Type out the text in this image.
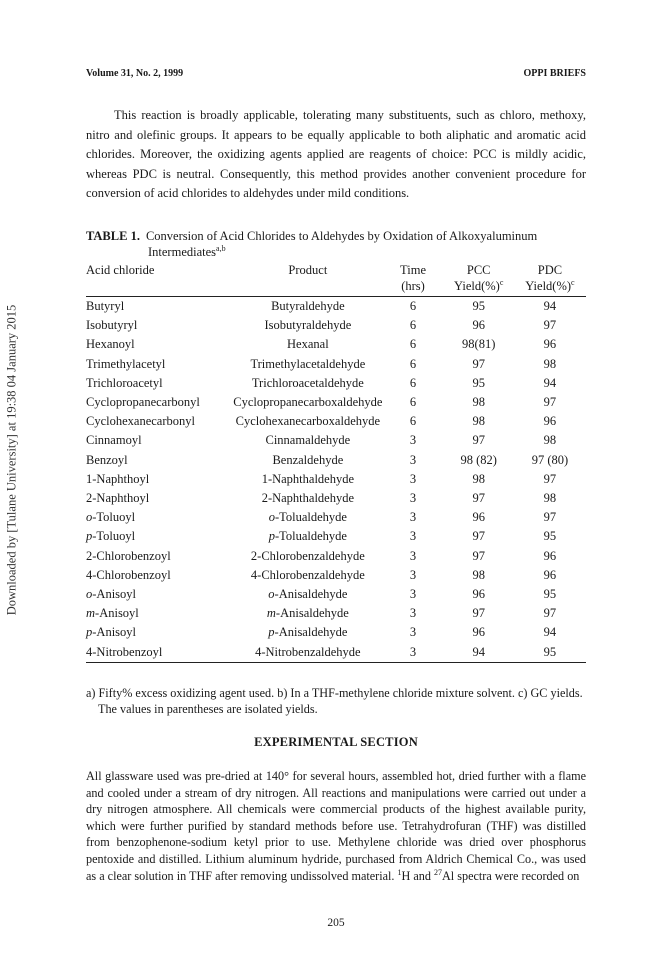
Downloaded by [Tulane University] at 19:38 04 January 2015
Volume 31, No. 2, 1999	OPPI BRIEFS

This reaction is broadly applicable, tolerating many substituents, such as chloro, methoxy, nitro and olefinic groups. It appears to be equally applicable to both aliphatic and aromatic acid chlorides. Moreover, the oxidizing agents applied are reagents of choice: PCC is mildly acidic, whereas PDC is neutral. Consequently, this method provides another convenient procedure for conversion of acid chlorides to aldehydes under mild conditions.

TABLE 1. Conversion of Acid Chlorides to Aldehydes by Oxidation of Alkoxyaluminum
Intermediates$^{a,b}$
Acid chloride	Product	Time	PCC	PDC
		(hrs)	Yield(%)$^c$	Yield(%)$^c$
Butyryl	Butyraldehyde	6	95	94
Isobutyryl	Isobutyraldehyde	6	96	97
Hexanoyl	Hexanal	6	98(81)	96
Trimethylacetyl	Trimethylacetaldehyde	6	97	98
Trichloroacetyl	Trichloroacetaldehyde	6	95	94
Cyclopropanecarbonyl	Cyclopropanecarboxaldehyde	6	98	97
Cyclohexanecarbonyl	Cyclohexanecarboxaldehyde	6	98	96
Cinnamoyl	Cinnamaldehyde	3	97	98
Benzoyl	Benzaldehyde	3	98 (82)	97 (80)
1-Naphthoyl	1-Naphthaldehyde	3	98	97
2-Naphthoyl	2-Naphthaldehyde	3	97	98
o-Toluoyl	o-Tolualdehyde	3	96	97
p-Toluoyl	p-Tolualdehyde	3	97	95
2-Chlorobenzoyl	2-Chlorobenzaldehyde	3	97	96
4-Chlorobenzoyl	4-Chlorobenzaldehyde	3	98	96
o-Anisoyl	o-Anisaldehyde	3	96	95
m-Anisoyl	m-Anisaldehyde	3	97	97
p-Anisoyl	p-Anisaldehyde	3	96	94
4-Nitrobenzoyl	4-Nitrobenzaldehyde	3	94	95

a) Fifty% excess oxidizing agent used. b) In a THF-methylene chloride mixture solvent. c) GC yields.
The values in parentheses are isolated yields.

EXPERIMENTAL SECTION

All glassware used was pre-dried at 140° for several hours, assembled hot, dried further with a flame and cooled under a stream of dry nitrogen. All reactions and manipulations were carried out under a dry nitrogen atmosphere. All chemicals were commercial products of the highest available purity, which were further purified by standard methods before use. Tetrahydrofuran (THF) was distilled from benzophenone-sodium ketyl prior to use. Methylene chloride was dried over phosphorus pentoxide and distilled. Lithium aluminum hydride, purchased from Aldrich Chemical Co., was used as a clear solution in THF after removing undissolved material. $^1$H and $^{27}$Al spectra were recorded on

205
